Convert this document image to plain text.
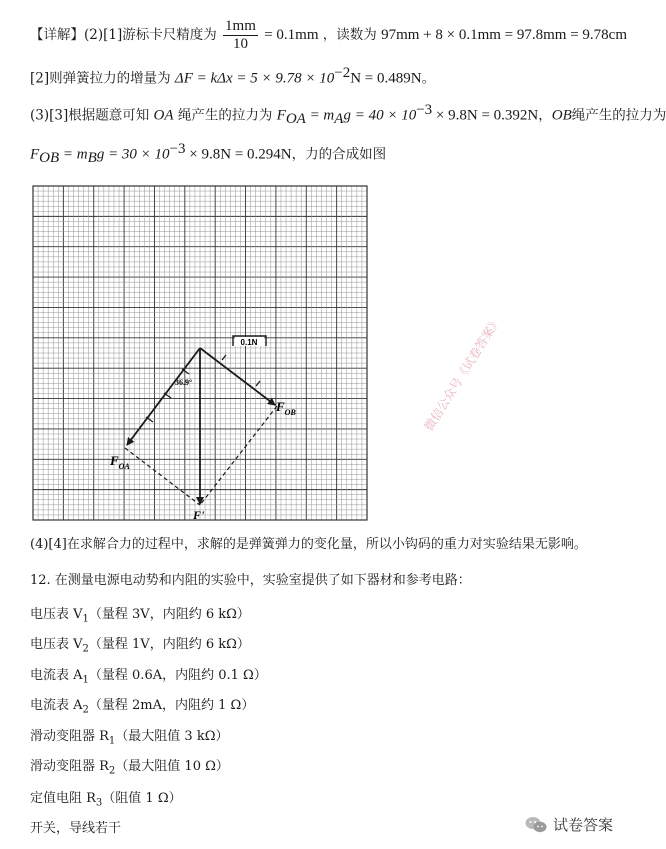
【详解】(2)[1]游标卡尺精度为 $\frac{1mm}{10} = 0.1mm$ ，读数为 97mm + 8 × 0.1mm = 97.8mm = 9.78cm
[2]则弹簧拉力的增量为 $\Delta F = k\Delta x = 5 \times 9.78 \times 10^{-2}N = 0.489N$。
(3)[3]根据题意可知 OA 绳产生的拉力为 $F_{OA} = m_Ag = 40 \times 10^{-3} \times 9.8N = 0.392N$，OB绳产生的拉力为
$F_{OB} = m_Bg = 30 \times 10^{-3} \times 9.8N = 0.294N$，力的合成如图
0.1N
36.9°
$F_{OA}$
$F_{OB}$
F'
微信公众号《试卷答案》
(4)[4]在求解合力的过程中，求解的是弹簧弹力的变化量，所以小钩码的重力对实验结果无影响。
12. 在测量电源电动势和内阻的实验中，实验室提供了如下器材和参考电路：
电压表 $V_1$（量程 3V，内阻约 6 kΩ）
电压表 $V_2$（量程 1V，内阻约 6 kΩ）
电流表 $A_1$（量程 0.6A，内阻约 0.1 Ω）
电流表 $A_2$（量程 2mA，内阻约 1 Ω）
滑动变阻器 $R_1$（最大阻值 3 kΩ）
滑动变阻器 $R_2$（最大阻值 10 Ω）
定值电阻 $R_3$（阻值 1 Ω）
开关，导线若干	试卷答案
